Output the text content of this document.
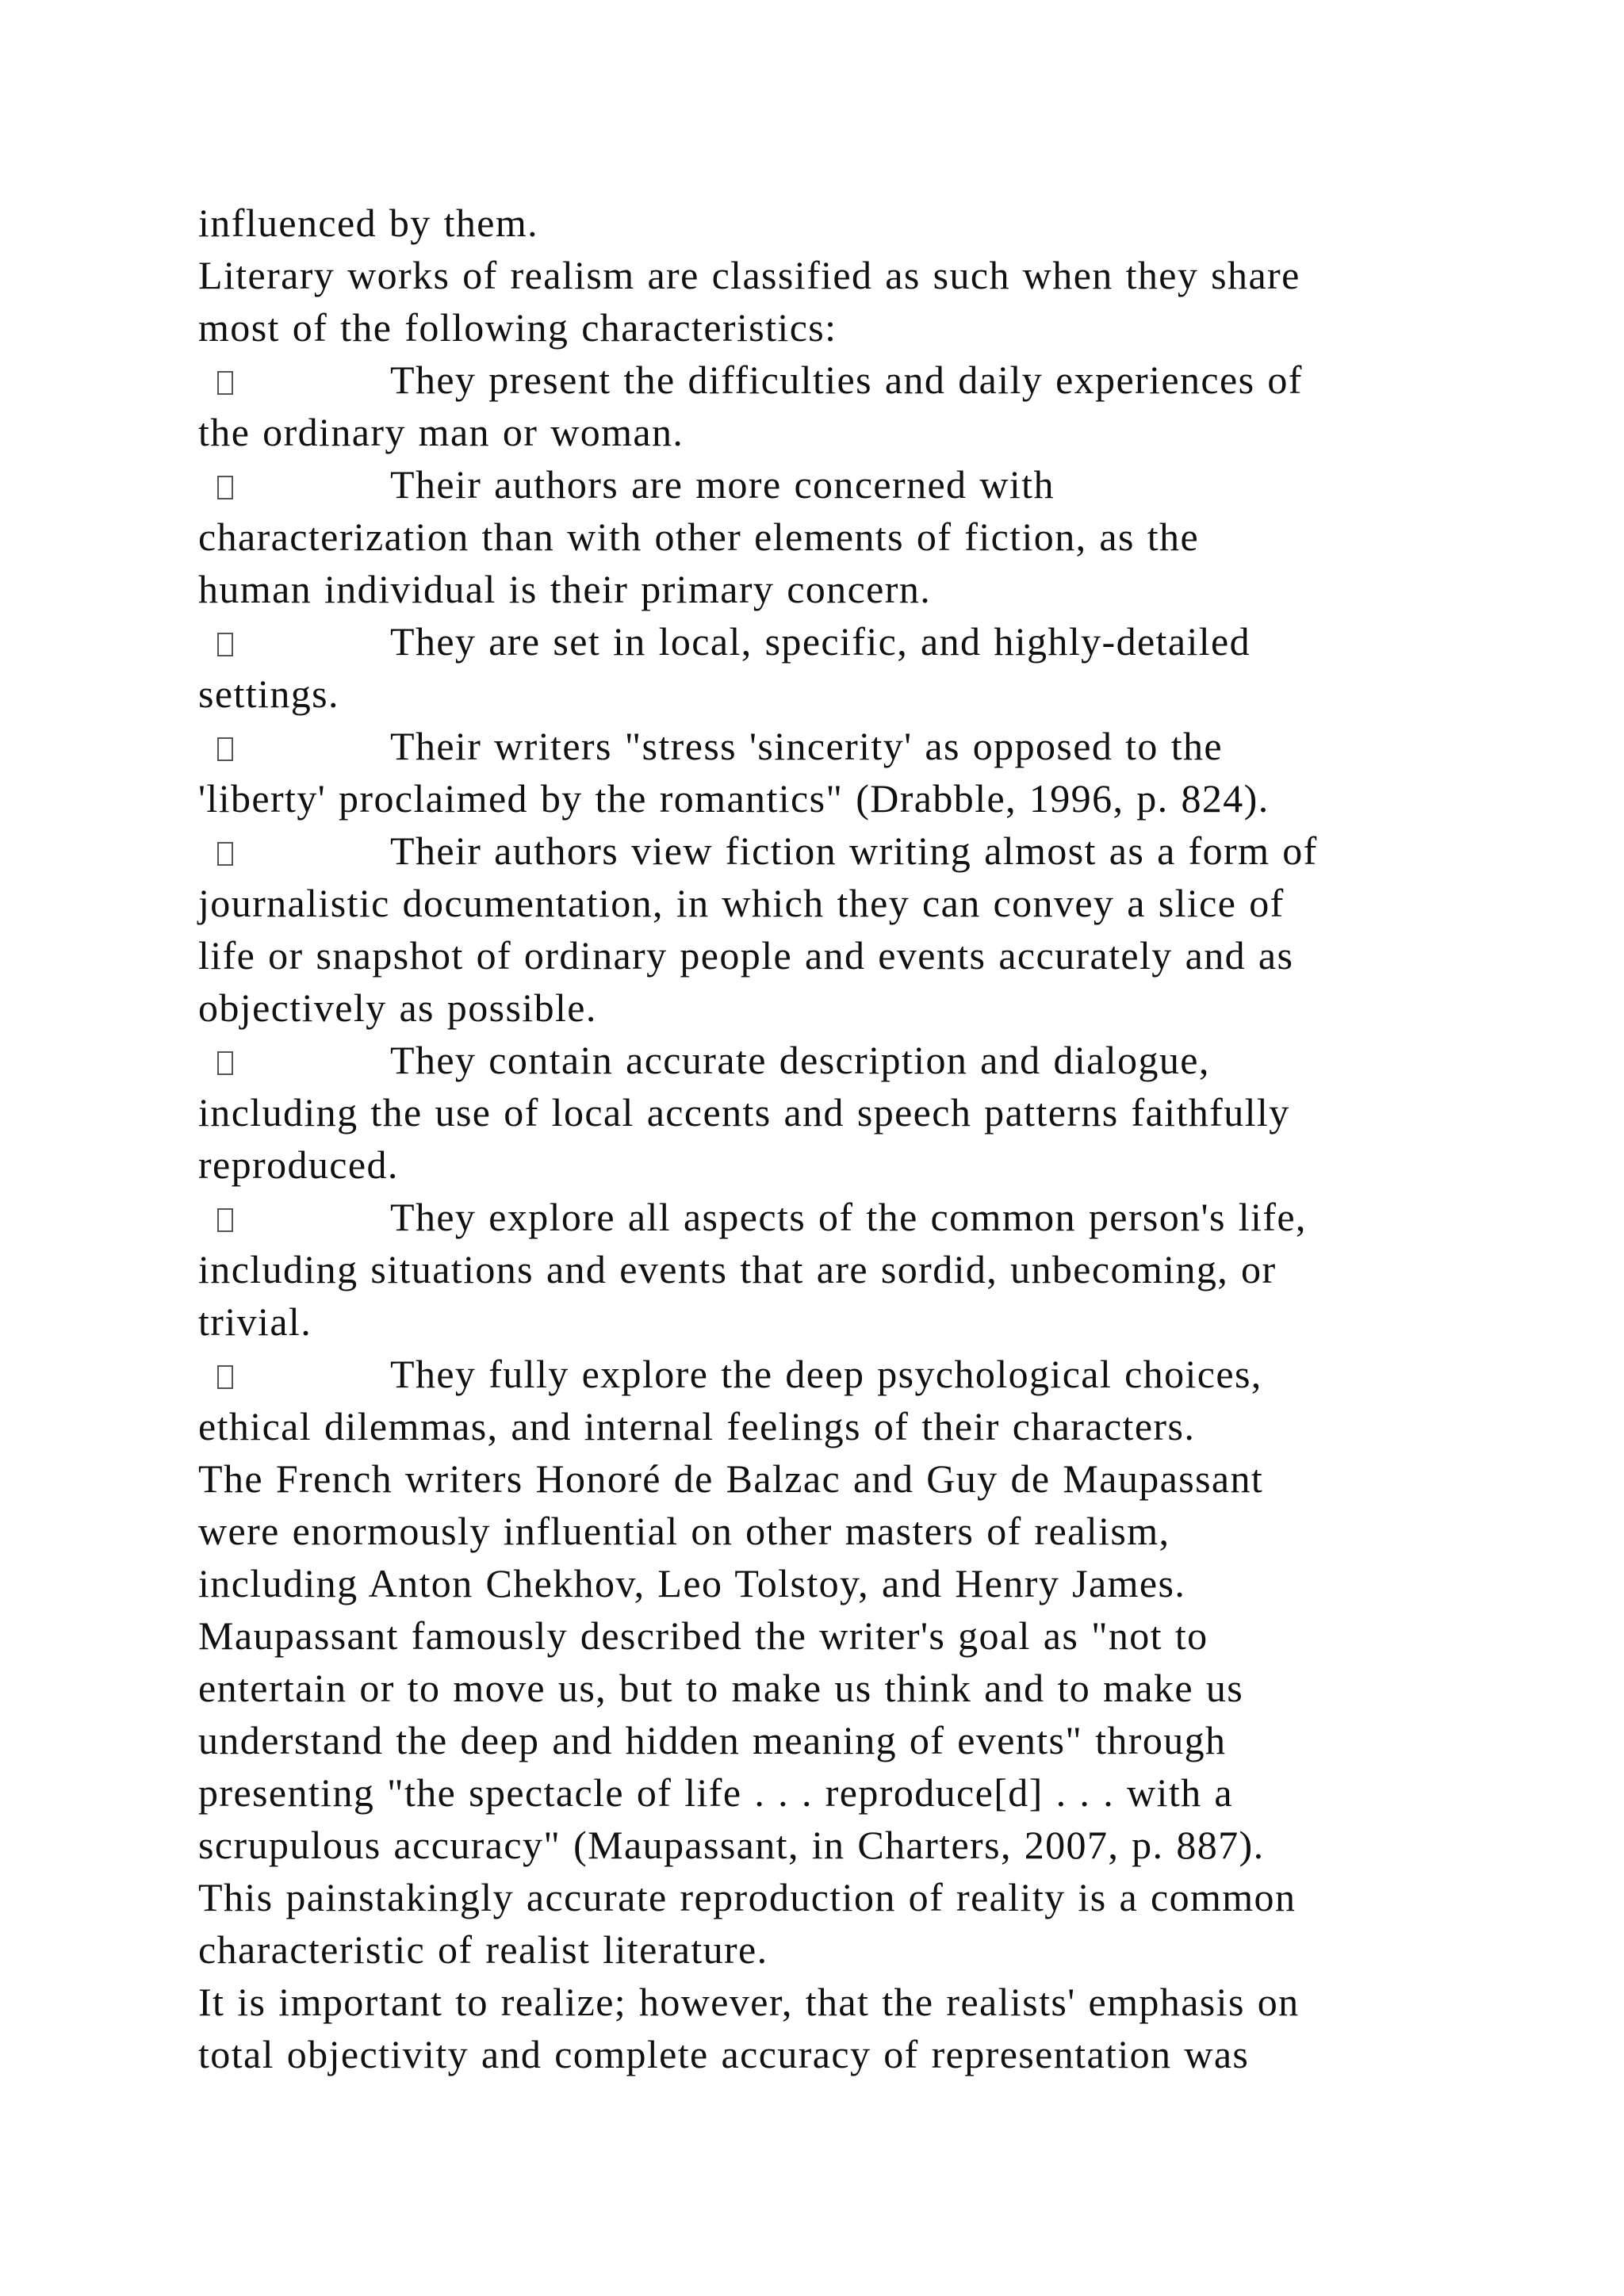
influenced by them.
Literary works of realism are classified as such when they share
most of the following characteristics:
They present the difficulties and daily experiences of
the ordinary man or woman.
Their authors are more concerned with
characterization than with other elements of fiction, as the
human individual is their primary concern.
They are set in local, specific, and highly-detailed
settings.
Their writers "stress 'sincerity' as opposed to the
'liberty' proclaimed by the romantics" (Drabble, 1996, p. 824).
Their authors view fiction writing almost as a form of
journalistic documentation, in which they can convey a slice of
life or snapshot of ordinary people and events accurately and as
objectively as possible.
They contain accurate description and dialogue,
including the use of local accents and speech patterns faithfully
reproduced.
They explore all aspects of the common person's life,
including situations and events that are sordid, unbecoming, or
trivial.
They fully explore the deep psychological choices,
ethical dilemmas, and internal feelings of their characters.
The French writers Honoré de Balzac and Guy de Maupassant
were enormously influential on other masters of realism,
including Anton Chekhov, Leo Tolstoy, and Henry James.
Maupassant famously described the writer's goal as "not to
entertain or to move us, but to make us think and to make us
understand the deep and hidden meaning of events" through
presenting "the spectacle of life . . . reproduce[d] . . . with a
scrupulous accuracy" (Maupassant, in Charters, 2007, p. 887).
This painstakingly accurate reproduction of reality is a common
characteristic of realist literature.
It is important to realize; however, that the realists' emphasis on
total objectivity and complete accuracy of representation was
